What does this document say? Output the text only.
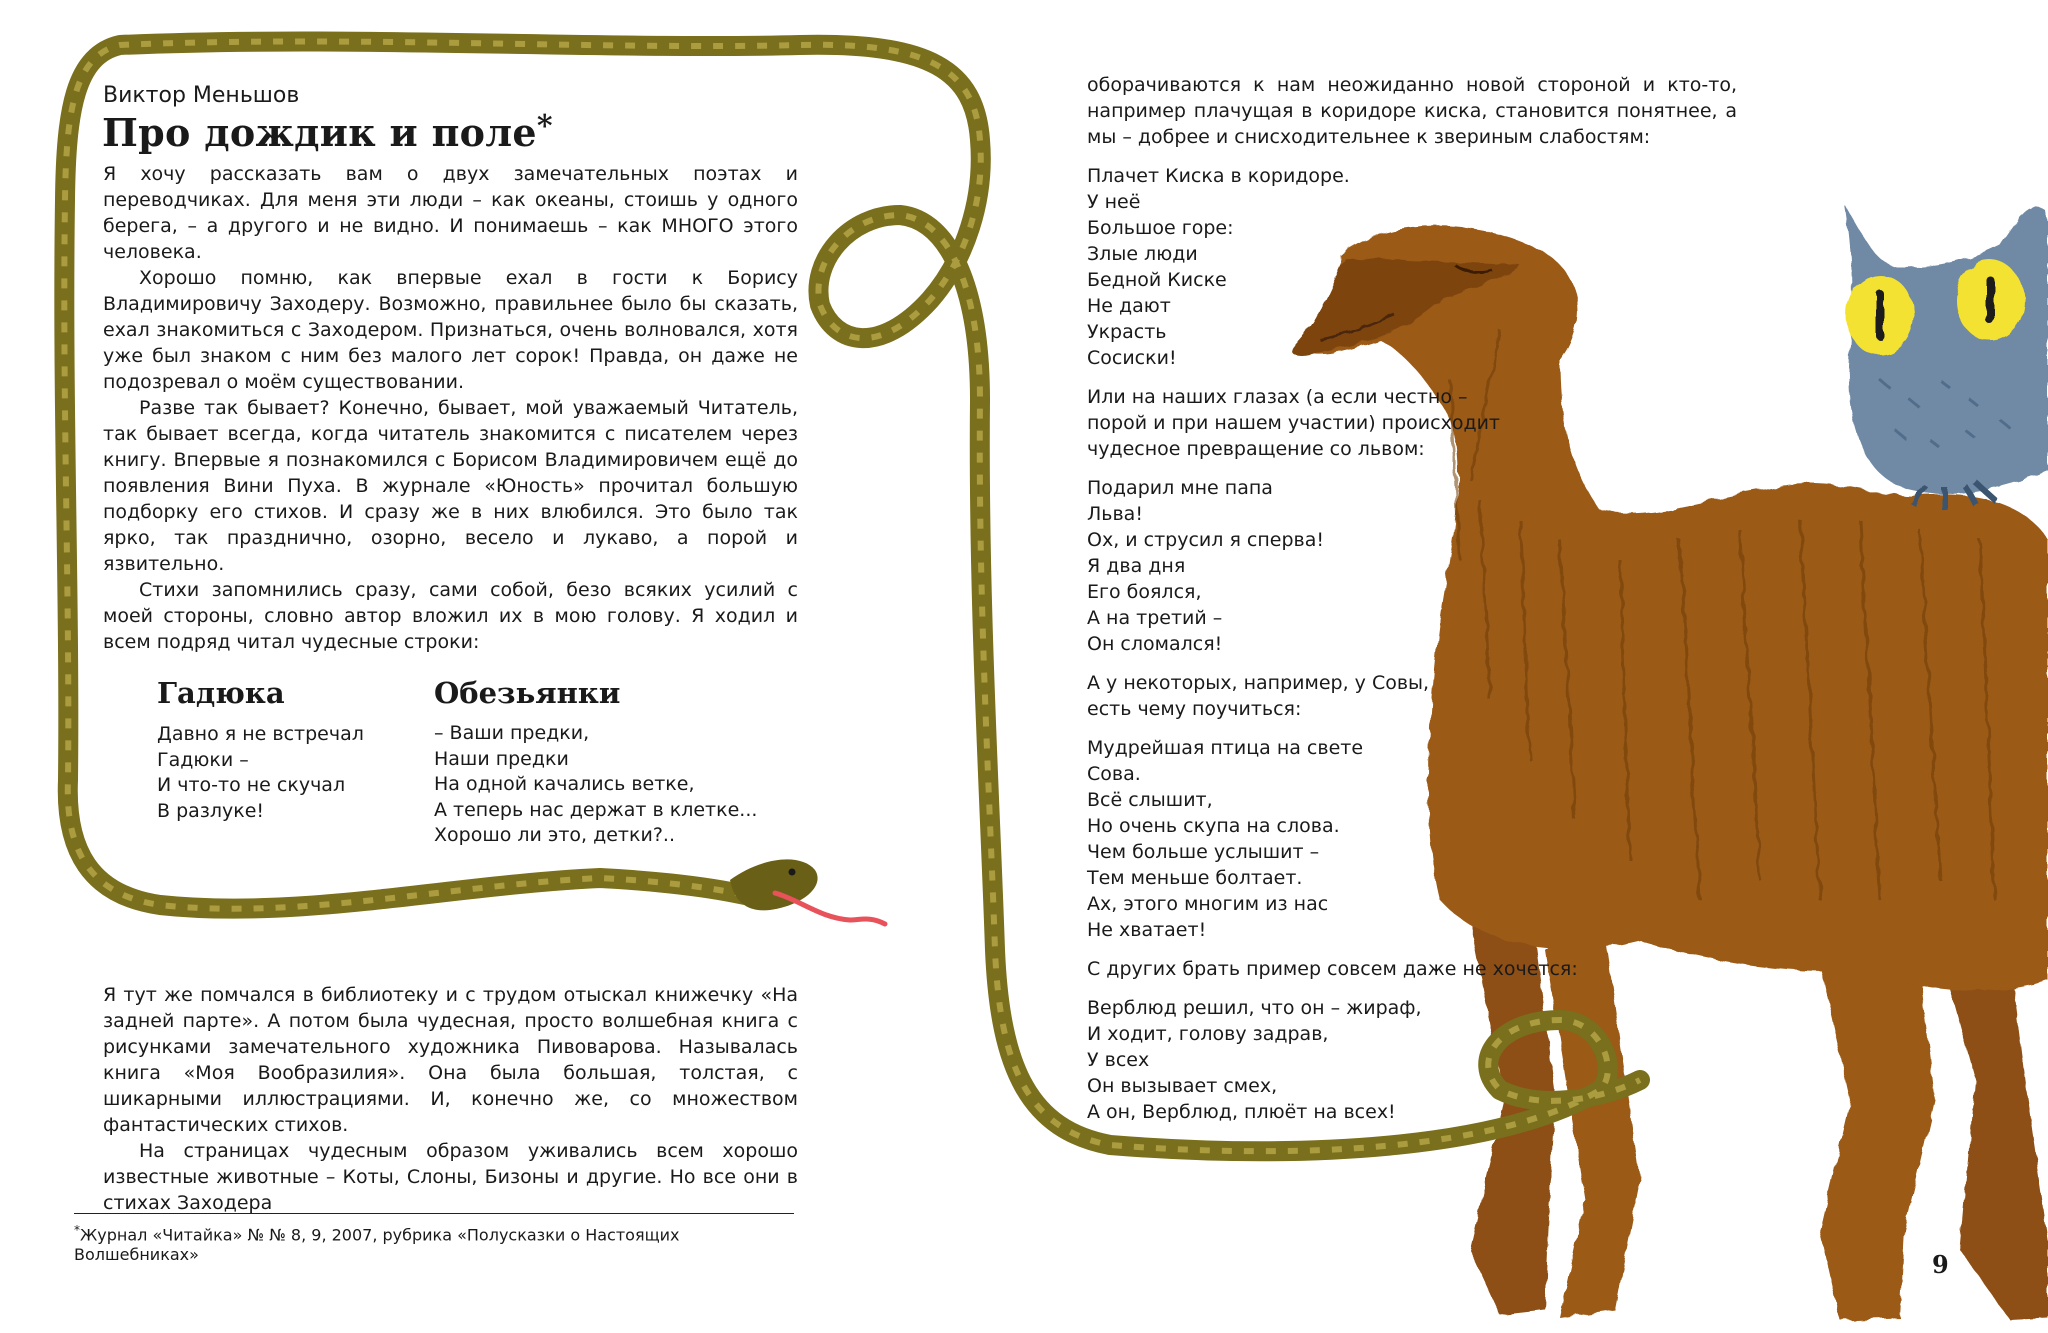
Виктор Меньшов
Про дождик и поле*

Я хочу рассказать вам о двух замечательных поэтах и переводчиках. Для меня эти люди – как океаны, стоишь у одного берега, – а другого и не видно. И понимаешь – как МНОГО этого человека.

Хорошо помню, как впервые ехал в гости к Борису Владимировичу Заходеру. Возможно, правильнее было бы сказать, ехал знакомиться с Заходером. Признаться, очень волновался, хотя уже был знаком с ним без малого лет сорок! Правда, он даже не подозревал о моём существовании.

Разве так бывает? Конечно, бывает, мой уважаемый Читатель, так бывает всегда, когда читатель знакомится с писателем через книгу. Впервые я познакомился с Борисом Владимировичем ещё до появления Вини Пуха. В журнале «Юность» прочитал большую подборку его стихов. И сразу же в них влюбился. Это было так ярко, так празднично, озорно, весело и лукаво, а порой и язвительно.

Стихи запомнились сразу, сами собой, безо всяких усилий с моей стороны, словно автор вложил их в мою голову. Я ходил и всем подряд читал чудесные строки:

Гадюка
Давно я не встречал
Гадюки –
И что-то не скучал
В разлуке!
Обезьянки
– Ваши предки,
Наши предки
На одной качались ветке,
А теперь нас держат в клетке...
Хорошо ли это, детки?..

Я тут же помчался в библиотеку и с трудом отыскал книжечку «На задней парте». А потом была чудесная, просто волшебная книга с рисунками замечательного художника Пивоварова. Называлась книга «Моя Вообразилия». Она была большая, толстая, с шикарными иллюстрациями. И, конечно же, со множеством фантастических стихов.

На страницах чудесным образом уживались всем хорошо известные животные – Коты, Слоны, Бизоны и другие. Но все они в стихах Заходера

*Журнал «Читайка» № № 8, 9, 2007, рубрика «Полусказки о Настоящих Волшебниках»

оборачиваются к нам неожиданно новой стороной и кто-то, например плачущая в коридоре киска, становится понятнее, а мы – добрее и снисходительнее к звериным слабостям:

Плачет Киска в коридоре.
У неё
Большое горе:
Злые люди
Бедной Киске
Не дают
Украсть
Сосиски!
Или на наших глазах (а если честно –
порой и при нашем участии) происходит
чудесное превращение со львом:
Подарил мне папа
Льва!
Ох, и струсил я сперва!
Я два дня
Его боялся,
А на третий –
Он сломался!
А у некоторых, например, у Совы,
есть чему поучиться:
Мудрейшая птица на свете
Сова.
Всё слышит,
Но очень скупа на слова.
Чем больше услышит –
Тем меньше болтает.
Ах, этого многим из нас
Не хватает!
С других брать пример совсем даже не хочется:
Верблюд решил, что он – жираф,
И ходит, голову задрав,
У всех
Он вызывает смех,
А он, Верблюд, плюёт на всех!
9
